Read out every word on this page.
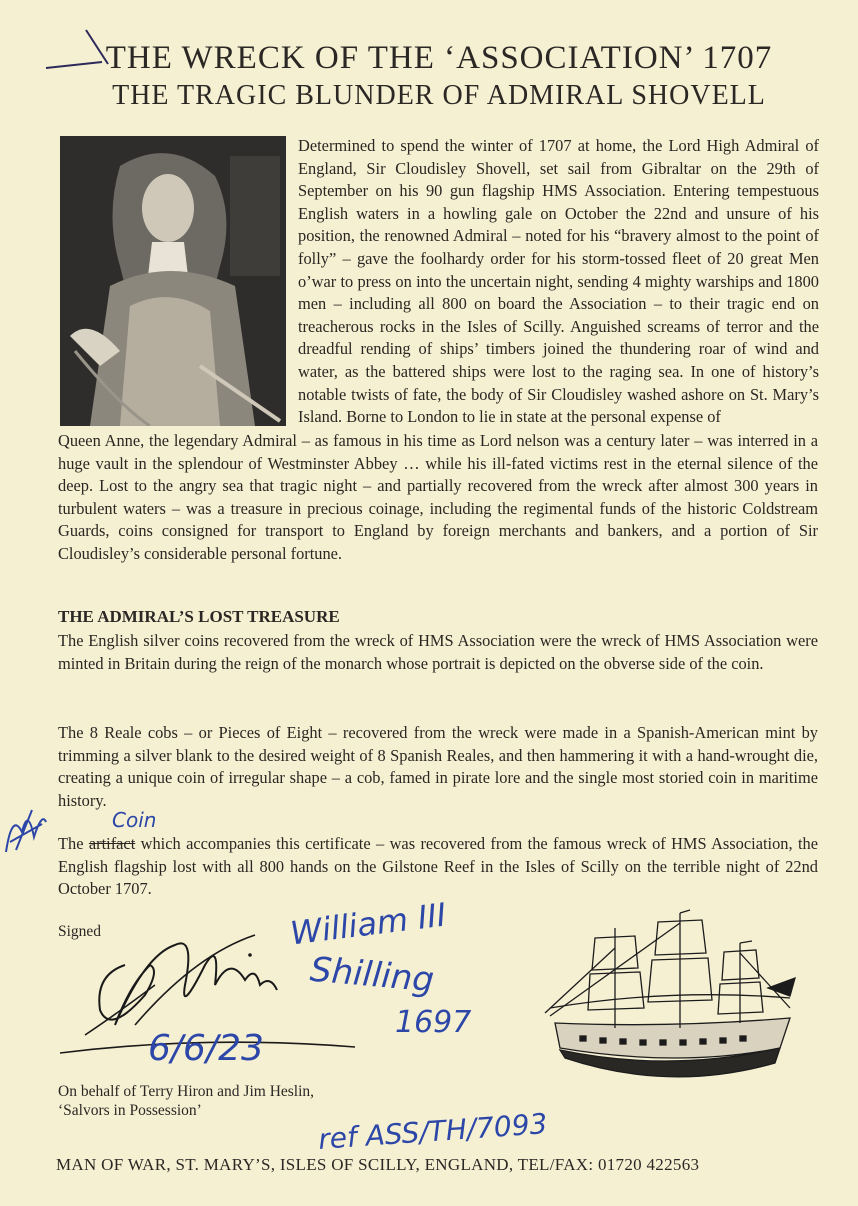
THE WRECK OF THE ‘ASSOCIATION’ 1707
THE TRAGIC BLUNDER OF ADMIRAL SHOVELL

Determined to spend the winter of 1707 at home, the Lord High Admiral of England, Sir Cloudisley Shovell, set sail from Gibraltar on the 29th of September on his 90 gun flagship HMS Association. Entering tempestuous English waters in a howling gale on October the 22nd and unsure of his position, the renowned Admiral – noted for his “bravery almost to the point of folly” – gave the foolhardy order for his storm-tossed fleet of 20 great Men o’war to press on into the uncertain night, sending 4 mighty warships and 1800 men – including all 800 on board the Association – to their tragic end on treacherous rocks in the Isles of Scilly. Anguished screams of terror and the dreadful rending of ships’ timbers joined the thundering roar of wind and water, as the battered ships were lost to the raging sea. In one of history’s notable twists of fate, the body of Sir Cloudisley washed ashore on St. Mary’s Island. Borne to London to lie in state at the personal expense of

Queen Anne, the legendary Admiral – as famous in his time as Lord nelson was a century later – was interred in a huge vault in the splendour of Westminster Abbey … while his ill-fated victims rest in the eternal silence of the deep. Lost to the angry sea that tragic night – and partially recovered from the wreck after almost 300 years in turbulent waters – was a treasure in precious coinage, including the regimental funds of the historic Coldstream Guards, coins consigned for transport to England by foreign merchants and bankers, and a portion of Sir Cloudisley’s considerable personal fortune.

THE ADMIRAL’S LOST TREASURE

The English silver coins recovered from the wreck of HMS Association were the wreck of HMS Association were minted in Britain during the reign of the monarch whose portrait is depicted on the obverse side of the coin.

The 8 Reale cobs – or Pieces of Eight – recovered from the wreck were made in a Spanish-American mint by trimming a silver blank to the desired weight of 8 Spanish Reales, and then hammering it with a hand-wrought die, creating a unique coin of irregular shape – a cob, famed in pirate lore and the single most storied coin in maritime history.

The artifact which accompanies this certificate – was recovered from the famous wreck of HMS Association, the English flagship lost with all 800 hands on the Gilstone Reef in the Isles of Scilly on the terrible night of 22nd October 1707.

Coin

Signed	William III

Shilling

1697

6/6/23

On behalf of Terry Hiron and Jim Heslin,

‘Salvors in Possession’

MAN OF WAR, ST. MARY’S, ISLES OF SCILLY, ENGLAND, TEL/FAX: 01720 422563

ref ASS/TH/7093
